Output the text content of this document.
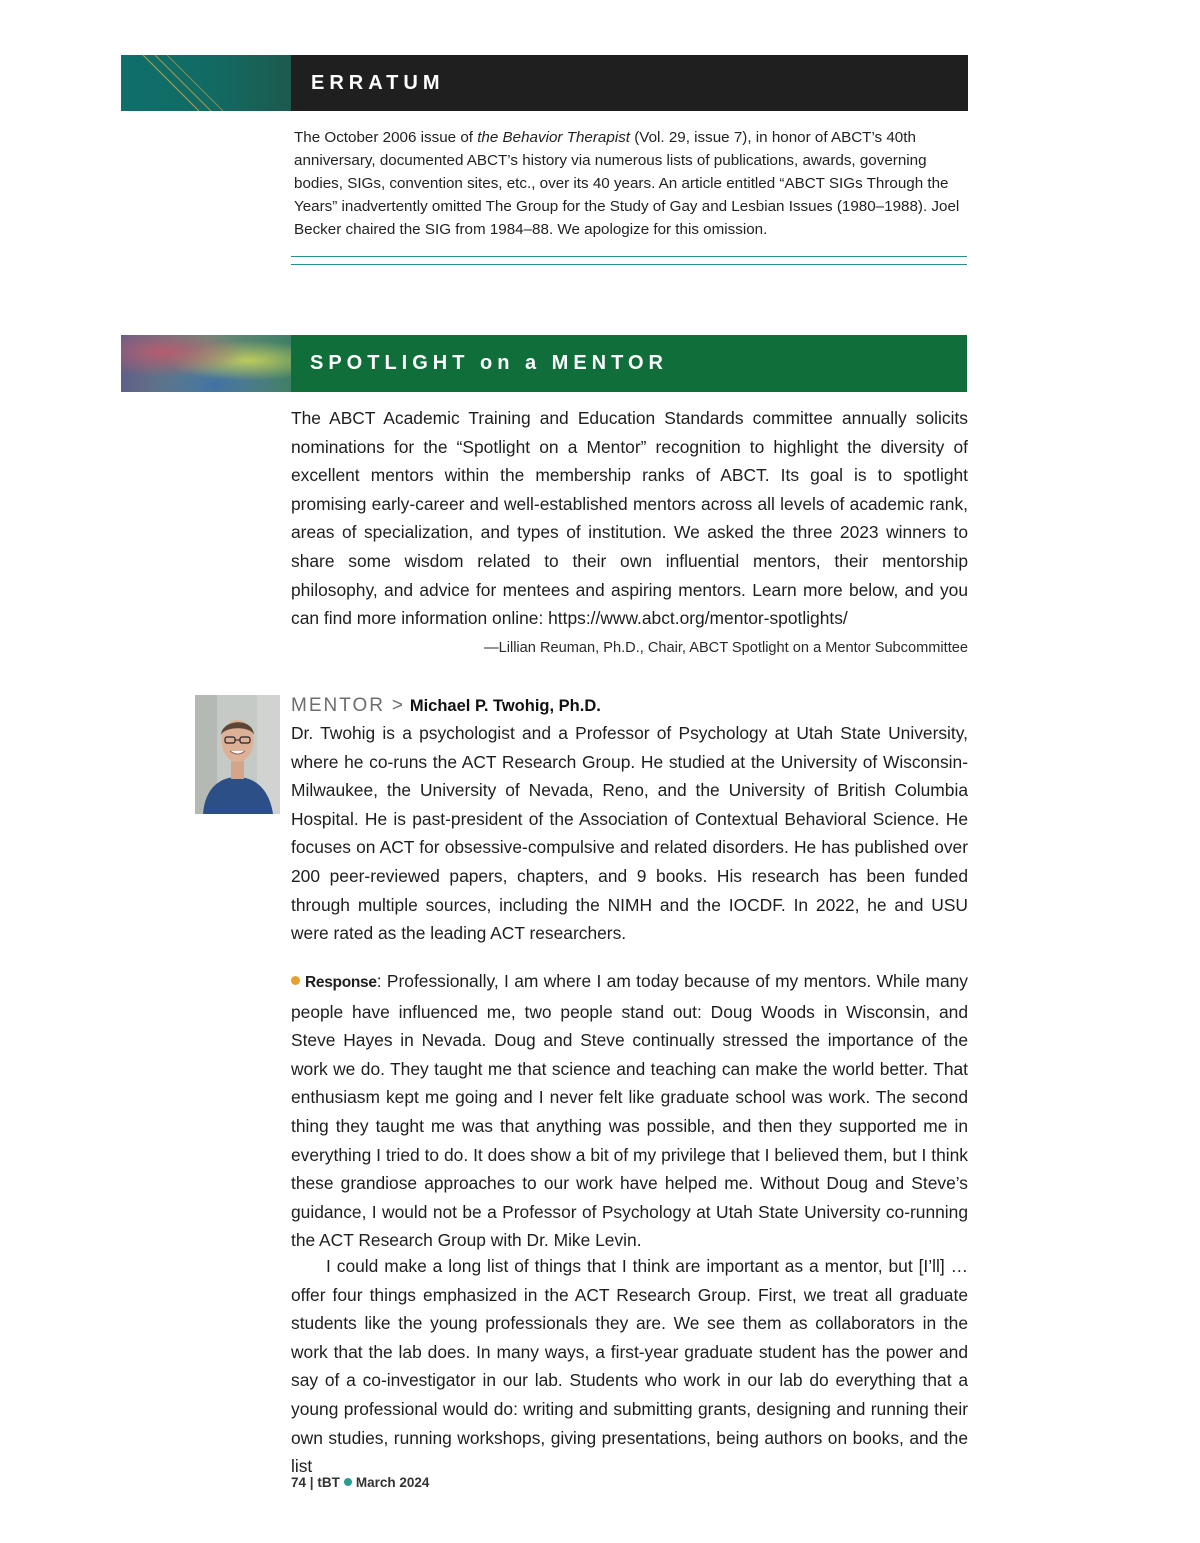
ERRATUM

The October 2006 issue of the Behavior Therapist (Vol. 29, issue 7), in honor of ABCT’s 40th anniversary, documented ABCT’s history via numerous lists of publications, awards, governing bodies, SIGs, convention sites, etc., over its 40 years. An article entitled “ABCT SIGs Through the Years” inadvertently omitted The Group for the Study of Gay and Lesbian Issues (1980–1988). Joel Becker chaired the SIG from 1984–88. We apologize for this omission.

SPOTLIGHT on a MENTOR

The ABCT Academic Training and Education Standards committee annually solicits nominations for the “Spotlight on a Mentor” recognition to highlight the diversity of excellent mentors within the membership ranks of ABCT. Its goal is to spotlight promising early-career and well-established mentors across all levels of academic rank, areas of specialization, and types of institution. We asked the three 2023 winners to share some wisdom related to their own influential mentors, their mentorship philosophy, and advice for mentees and aspiring mentors. Learn more below, and you can find more information online: https://www.abct.org/mentor-spotlights/

—Lillian Reuman, Ph.D., Chair, ABCT Spotlight on a Mentor Subcommittee
MENTOR > Michael P. Twohig, Ph.D.

Dr. Twohig is a psychologist and a Professor of Psychology at Utah State University, where he co-runs the ACT Research Group. He studied at the University of Wisconsin-Milwaukee, the University of Nevada, Reno, and the University of British Columbia Hospital. He is past-president of the Association of Contextual Behavioral Science. He focuses on ACT for obsessive-compulsive and related disorders. He has published over 200 peer-reviewed papers, chapters, and 9 books. His research has been funded through multiple sources, including the NIMH and the IOCDF. In 2022, he and USU were rated as the leading ACT researchers.

Response: Professionally, I am where I am today because of my mentors. While many people have influenced me, two people stand out: Doug Woods in Wisconsin, and Steve Hayes in Nevada. Doug and Steve continually stressed the importance of the work we do. They taught me that science and teaching can make the world better. That enthusiasm kept me going and I never felt like graduate school was work. The second thing they taught me was that anything was possible, and then they supported me in everything I tried to do. It does show a bit of my privilege that I believed them, but I think these grandiose approaches to our work have helped me. Without Doug and Steve’s guidance, I would not be a Professor of Psychology at Utah State University co-running the ACT Research Group with Dr. Mike Levin.

I could make a long list of things that I think are important as a mentor, but [I’ll] … offer four things emphasized in the ACT Research Group. First, we treat all graduate students like the young professionals they are. We see them as collaborators in the work that the lab does. In many ways, a first-year graduate student has the power and say of a co-investigator in our lab. Students who work in our lab do everything that a young professional would do: writing and submitting grants, designing and running their own studies, running workshops, giving presentations, being authors on books, and the list

74 | tBT March 2024
